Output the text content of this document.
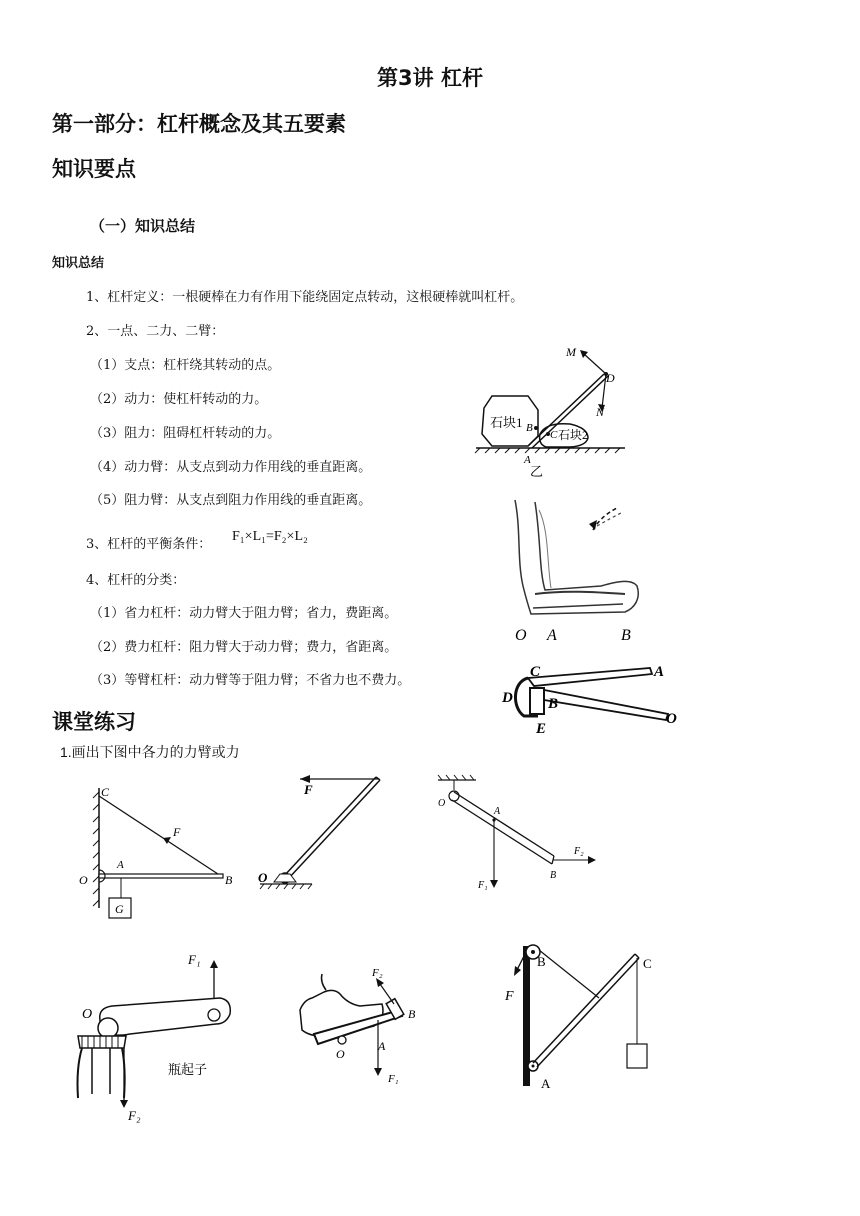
第3讲 杠杆
第一部分：杠杆概念及其五要素
知识要点
（一）知识总结
知识总结
1、杠杆定义：一根硬棒在力有作用下能绕固定点转动，这根硬棒就叫杠杆。
2、一点、二力、二臂：
（1）支点：杠杆绕其转动的点。
（2）动力：使杠杆转动的力。
（3）阻力：阻碍杠杆转动的力。
（4）动力臂：从支点到动力作用线的垂直距离。
（5）阻力臂：从支点到阻力作用线的垂直距离。
3、杠杆的平衡条件：
F₁×L₁=F₂×L₂
4、杠杆的分类：
（1）省力杠杆：动力臂大于阻力臂；省力，费距离。
（2）费力杠杆：阻力臂大于动力臂；费力，省距离。
（3）等臂杠杆：动力臂等于阻力臂；不省力也不费力。
课堂练习
1.画出下图中各力的力臂或力
M
D
N
石块1 B
C 石块2
A
乙
O A	B
C	A
D B
E
O
C
F
A
O	B
G
F
O
O
A
F₂
F₁
B
F₁
O
瓶起子
F₂
F₂
B
O
A
F₁
B	C
F
A
